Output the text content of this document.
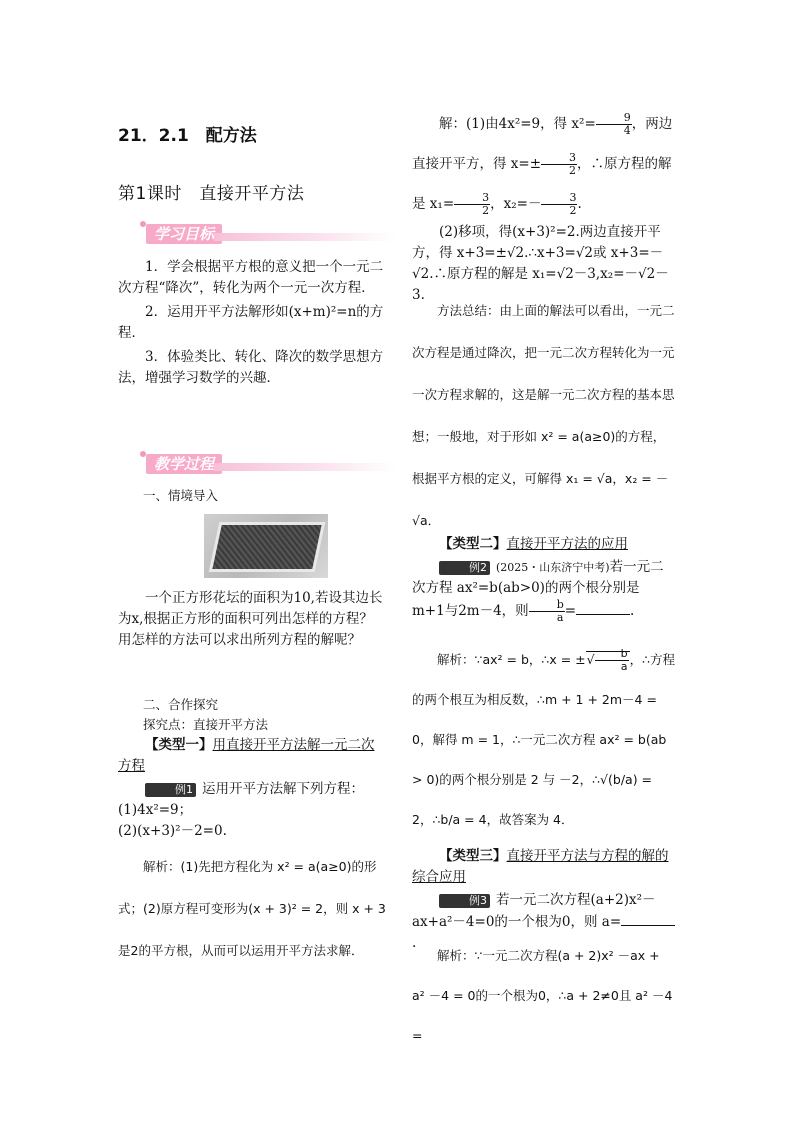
21．2.1　配方法
第1课时　直接开平方法
学习目标

1．学会根据平方根的意义把一个一元二次方程“降次”，转化为两个一元一次方程．

2．运用开平方法解形如(x+m)²=n的方程．

3．体验类比、转化、降次的数学思想方法，增强学习数学的兴趣．

教学过程
一、情境导入

一个正方形花坛的面积为10,若设其边长为x,根据正方形的面积可列出怎样的方程？用怎样的方法可以求出所列方程的解呢？

二、合作探究
探究点：直接开平方法

【类型一】用直接开平方法解一元二次方程

例1 运用开平方法解下列方程：

(1)4x²=9；

(2)(x+3)²－2=0.

解析：(1)先把方程化为 x² = a(a≥0)的形式；(2)原方程可变形为(x + 3)² = 2，则 x + 3是2的平方根，从而可以运用开平方法求解．

解：(1)由4x²=9，得 $x^2= \frac{9}{4}$ ，两边直接开平方，得 $x=\pm \frac{3}{2}$ ，∴原方程的解是 $x_1= \frac{3}{2}$ ，$x_2=- \frac{3}{2}$ .

(2)移项，得(x+3)²=2.两边直接开平方，得 x+3=±√2.∴x+3=√2或 x+3=－√2.∴原方程的解是 x₁=√2－3,x₂=－√2－3.

方法总结：由上面的解法可以看出，一元二次方程是通过降次，把一元二次方程转化为一元一次方程求解的，这是解一元二次方程的基本思想；一般地，对于形如 x² = a(a≥0)的方程，根据平方根的定义，可解得 x₁ = √a，x₂ = －√a．

【类型二】直接开平方法的应用

例2 (2025・山东济宁中考)若一元二次方程 ax²=b(ab>0)的两个根分别是 m+1与2m－4，则 $\frac{b}{a}$ =	.

解析：∵ax² = b，∴x = ±√ $\frac{b}{a}$ ，∴方程的两个根互为相反数，∴m + 1 + 2m－4 = 0，解得 m = 1，∴一元二次方程 ax² = b(ab > 0)的两个根分别是 2 与 －2，∴√(b/a) = 2，∴b/a = 4，故答案为 4．

【类型三】直接开平方法与方程的解的综合应用

例3 若一元二次方程(a+2)x²－ax+a²－4=0的一个根为0，则 a=.

解析：∵一元二次方程(a + 2)x² －ax + a² －4 = 0的一个根为0，∴a + 2≠0且 a² －4 =
